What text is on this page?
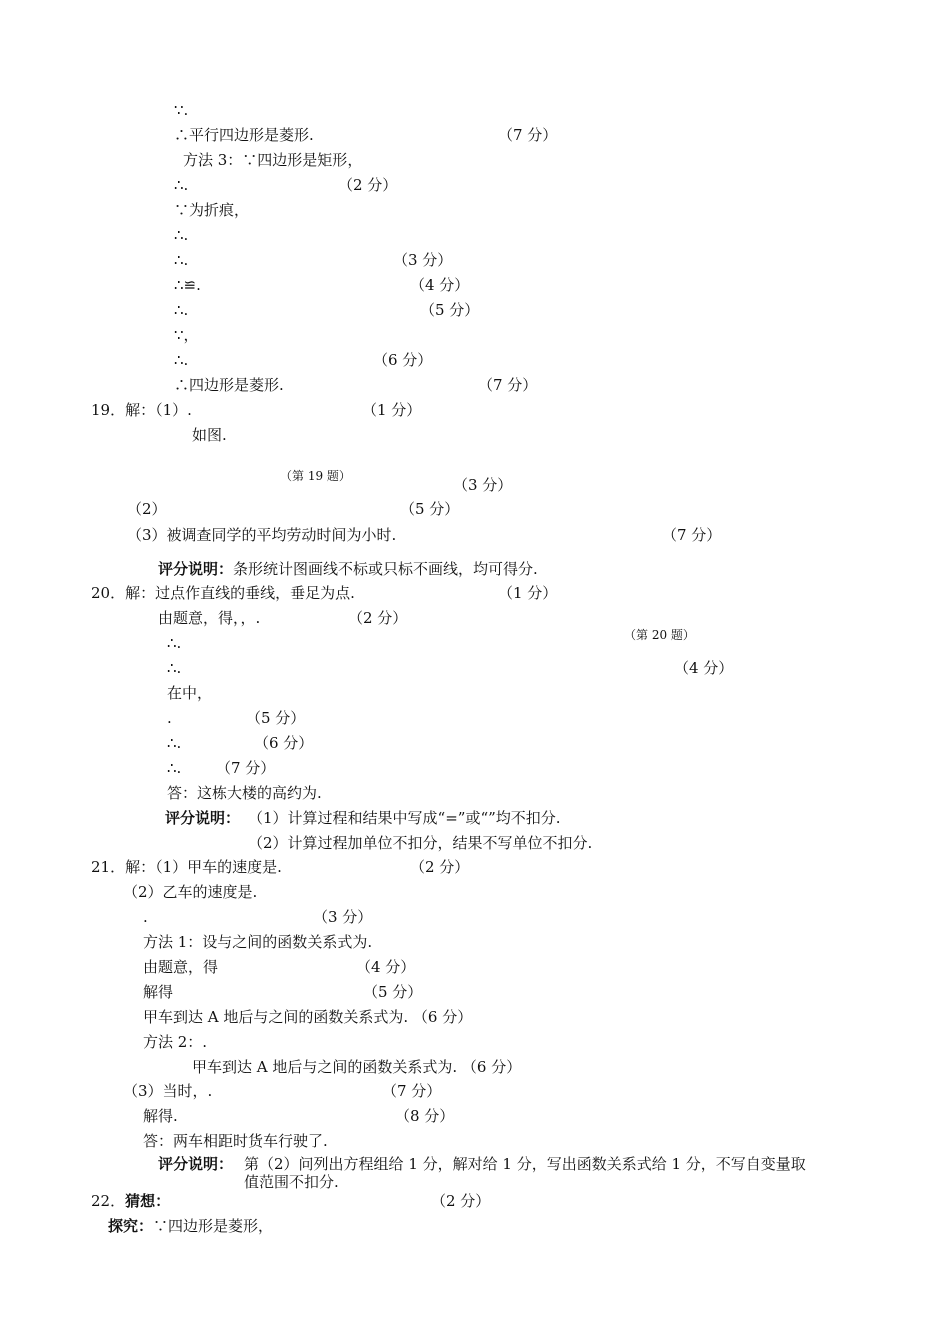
∵.
∴平行四边形是菱形.	（7 分）
方法 3：∵四边形是矩形，
∴.	（2 分）
∵为折痕，
∴.
∴.	（3 分）
∴≌.	（4 分）
∴.	（5 分）
∵，
∴.	（6 分）
∴四边形是菱形.	（7 分）
19．解：（1）.	（1 分）
如图.
（第 19 题）	（3 分）
（2）	（5 分）
（3）被调查同学的平均劳动时间为小时.	（7 分）
评分说明：条形统计图画线不标或只标不画线，均可得分.
20．解：过点作直线的垂线，垂足为点.	（1 分）
由题意，得，，.	（2 分）
（第 20 题）
∴.
∴.	（4 分）
在中，
.	（5 分）
∴.	（6 分）
∴. （7 分）
答：这栋大楼的高约为.
评分说明： （1）计算过程和结果中写成“=”或“”均不扣分.
（2）计算过程加单位不扣分，结果不写单位不扣分.
21．解：（1）甲车的速度是.	（2 分）
（2）乙车的速度是.
.	（3 分）
方法 1：设与之间的函数关系式为.
由题意，得	（4 分）
解得	（5 分）
甲车到达 A 地后与之间的函数关系式为. （6 分）
方法 2：.
甲车到达 A 地后与之间的函数关系式为. （6 分）
（3）当时，.	（7 分）
解得.	（8 分）
答：两车相距时货车行驶了.
评分说明： 第（2）问列出方程组给 1 分，解对给 1 分，写出函数关系式给 1 分，不写自变量取
值范围不扣分.
22．猜想：	（2 分）
探究：∵四边形是菱形，
